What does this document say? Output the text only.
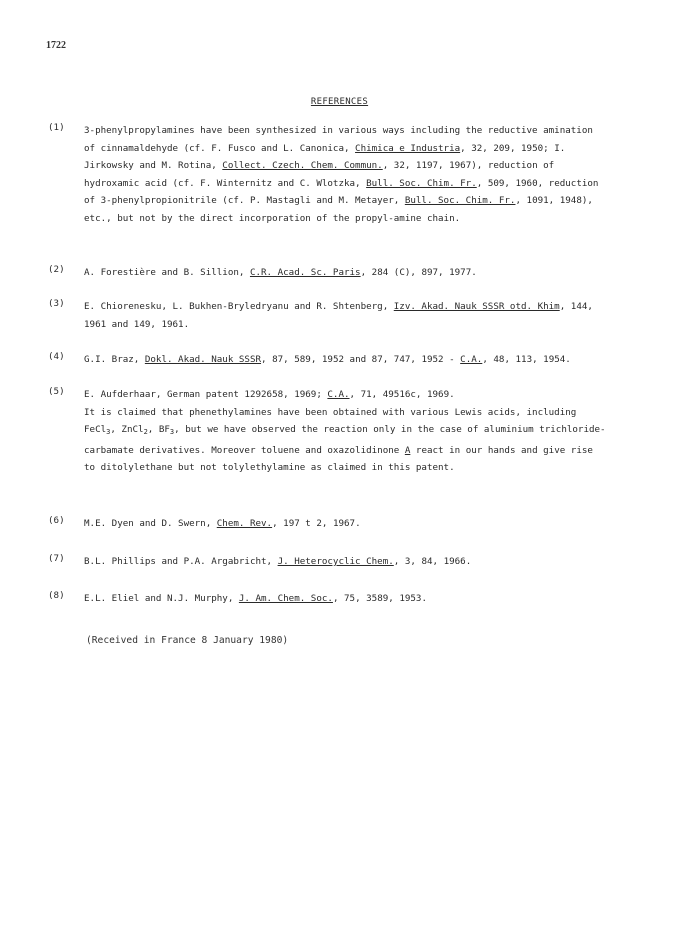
1722
REFERENCES
(1) 3-phenylpropylamines have been synthesized in various ways including the reductive amination of cinnamaldehyde (cf. F. Fusco and L. Canonica, Chimica e Industria, 32, 209, 1950; I. Jirkowsky and M. Rotina, Collect. Czech. Chem. Commun., 32, 1197, 1967), reduction of hydroxamic acid (cf. F. Winternitz and C. Wlotzka, Bull. Soc. Chim. Fr., 509, 1960, reduction of 3-phenylpropionitrile (cf. P. Mastagli and M. Metayer, Bull. Soc. Chim. Fr., 1091, 1948), etc., but not by the direct incorporation of the propyl-amine chain.

(2) A. Forestière and B. Sillion, C.R. Acad. Sc. Paris, 284 (C), 897, 1977.

(3) E. Chiorenesku, L. Bukhen-Bryledryanu and R. Shtenberg, Izv. Akad. Nauk SSSR otd. Khim, 144, 1961 and 149, 1961.

(4) G.I. Braz, Dokl. Akad. Nauk SSSR, 87, 589, 1952 and 87, 747, 1952 - C.A., 48, 113, 1954.

(5) E. Aufderhaar, German patent 1292658, 1969; C.A., 71, 49516c, 1969.

It is claimed that phenethylamines have been obtained with various Lewis acids, including FeCl$_3$, ZnCl$_2$, $BF_3$, but we have observed the reaction only in the case of aluminium trichloride-carbamate derivatives. Moreover toluene and oxazolidinone A react in our hands and give rise to ditolylethane but not tolylethylamine as claimed in this patent.

(6) M.E. Dyen and D. Swern, Chem. Rev., 197 t 2, 1967.

(7) B.L. Phillips and P.A. Argabricht, J. Heterocyclic Chem., 3, 84, 1966.

(8) E.L. Eliel and N.J. Murphy, J. Am. Chem. Soc., 75, 3589, 1953.

(Received in France 8 January 1980)
